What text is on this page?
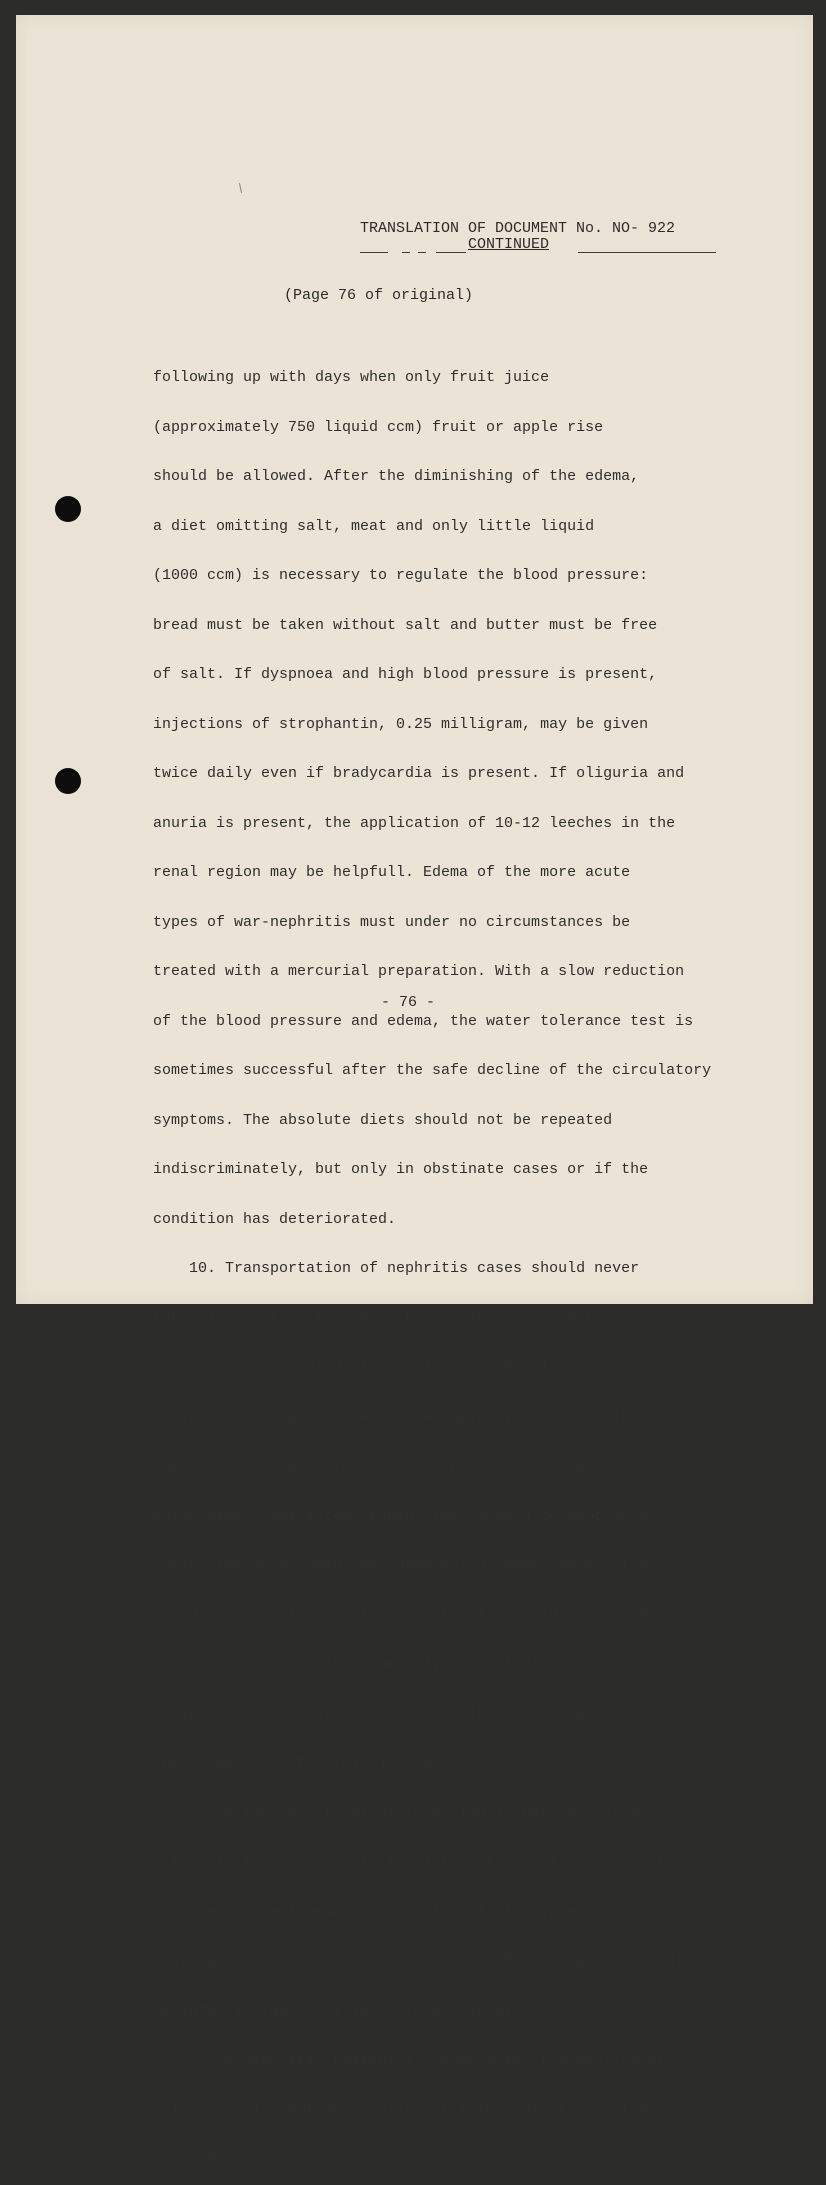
TRANSLATION OF DOCUMENT No. NO- 922
CONTINUED
(Page 76 of original)

following up with days when only fruit juice

(approximately 750 liquid ccm) fruit or apple rise

should be allowed. After the diminishing of the edema,

a diet omitting salt, meat and only little liquid

(1000 ccm) is necessary to regulate the blood pressure:

bread must be taken without salt and butter must be free

of salt. If dyspnoea and high blood pressure is present,

injections of strophantin, 0.25 milligram, may be given

twice daily even if bradycardia is present. If oliguria and

anuria is present, the application of 10-12 leeches in the

renal region may be helpfull. Edema of the more acute

types of war-nephritis must under no circumstances be

treated with a mercurial preparation. With a slow reduction

of the blood pressure and edema, the water tolerance test is

sometimes successful after the safe decline of the circulatory

symptoms. The absolute diets should not be repeated

indiscriminately, but only in obstinate cases or if the

condition has deteriorated.

10. Transportation of nephritis cases should never

take place before the edema has disappeared and the blood

pressure is regulated. To enable the medical transport

officer to recognize these cases quickly, they should carry

tags. These should state:- war nephritis, bed rest, salt free

pulpy diet, restricted liquid. They should be kept warm

during the move. When the edema has disappeared and the

blood pressure is normal, the patients should be transferred

to suitable hospital at home, lying on their backs by hospital

train and under dietitious orders. They should wear

these tags also for this journey.

11. A thorough focal disinfection is not advisable

either in the early or in the later stages of war-nephritis.

In cases of resthaematuria, rising of blood pressure while

resting and if there is a possibility of a relapse, a focal

disinfection may contribute to a complete cure.

12. A nephritic patient is, even after the decline of

all clinical symptoms usually unfit for duty for another

3 months.

- 76 -
